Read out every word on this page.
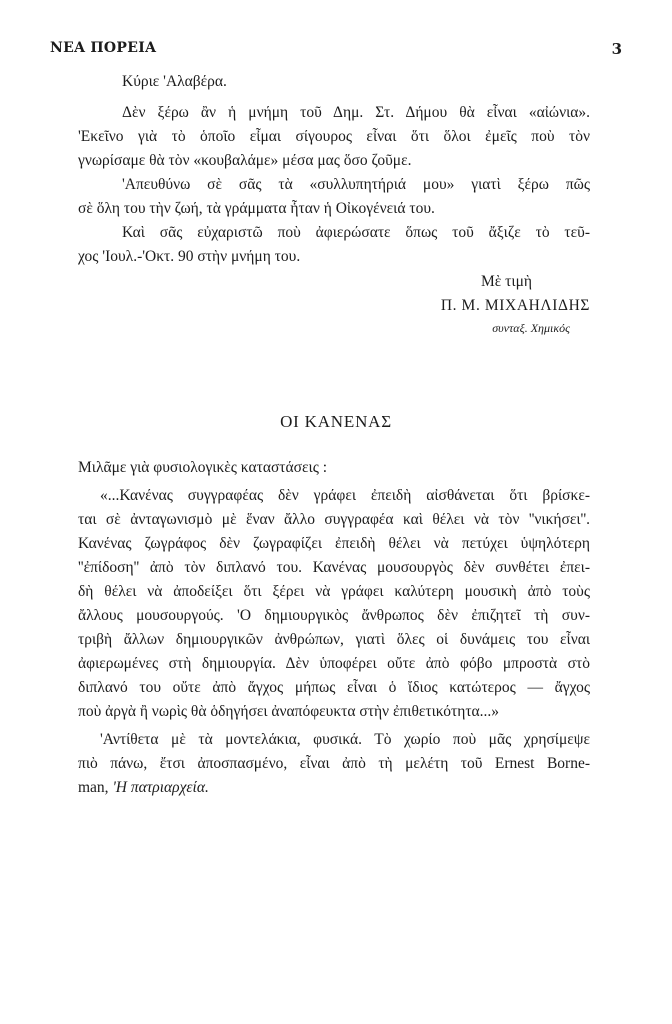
ΝΕΑ ΠΟΡΕΙΑ	3
Κύριε 'Αλαβέρα.
Δὲν ξέρω ἂν ἡ μνήμη τοῦ Δημ. Στ. Δήμου θὰ εἶναι «αἰώνια».
'Εκεῖνο γιὰ τὸ ὁποῖο εἶμαι σίγουρος εἶναι ὅτι ὅλοι ἐμεῖς ποὺ τὸν
γνωρίσαμε θὰ τὸν «κουβαλάμε» μέσα μας ὅσο ζοῦμε.
'Απευθύνω σὲ σᾶς τὰ «συλλυπητήριά μου» γιατὶ ξέρω πῶς
σὲ ὅλη του τὴν ζωή, τὰ γράμματα ἦταν ἡ Οἰκογένειά του.
Καὶ σᾶς εὐχαριστῶ ποὺ ἀφιερώσατε ὅπως τοῦ ἄξιζε τὸ τεῦ-
χος 'Ιουλ.-'Οκτ. 90 στὴν μνήμη του.
Μὲ τιμὴ
Π. Μ. ΜΙΧΑΗΛΙΔΗΣ
συνταξ. Χημικός
ΟΙ ΚΑΝΕΝΑΣ
Μιλᾶμε γιὰ φυσιολογικὲς καταστάσεις :
«...Κανένας συγγραφέας δὲν γράφει ἐπειδὴ αἰσθάνεται ὅτι βρίσκε-
ται σὲ ἀνταγωνισμὸ μὲ ἕναν ἄλλο συγγραφέα καὶ θέλει νὰ τὸν ''νικήσει''.
Κανένας ζωγράφος δὲν ζωγραφίζει ἐπειδὴ θέλει νὰ πετύχει ὑψηλότερη
''ἐπίδοση'' ἀπὸ τὸν διπλανό του. Κανένας μουσουργὸς δὲν συνθέτει ἐπει-
δὴ θέλει νὰ ἀποδείξει ὅτι ξέρει νὰ γράφει καλύτερη μουσικὴ ἀπὸ τοὺς
ἄλλους μουσουργούς. 'Ο δημιουργικὸς ἄνθρωπος δὲν ἐπιζητεῖ τὴ συν-
τριβὴ ἄλλων δημιουργικῶν ἀνθρώπων, γιατὶ ὅλες οἱ δυνάμεις του εἶναι
ἀφιερωμένες στὴ δημιουργία. Δὲν ὑποφέρει οὔτε ἀπὸ φόβο μπροστὰ στὸ
διπλανό του οὔτε ἀπὸ ἄγχος μήπως εἶναι ὁ ἴδιος κατώτερος — ἄγχος
ποὺ ἀργὰ ἢ νωρὶς θὰ ὁδηγήσει ἀναπόφευκτα στὴν ἐπιθετικότητα...»
'Αντίθετα μὲ τὰ μοντελάκια, φυσικά. Τὸ χωρίο ποὺ μᾶς χρησίμεψε
πιὸ πάνω, ἔτσι ἀποσπασμένο, εἶναι ἀπὸ τὴ μελέτη τοῦ Ernest Borne-
man, 'Η πατριαρχεία.
